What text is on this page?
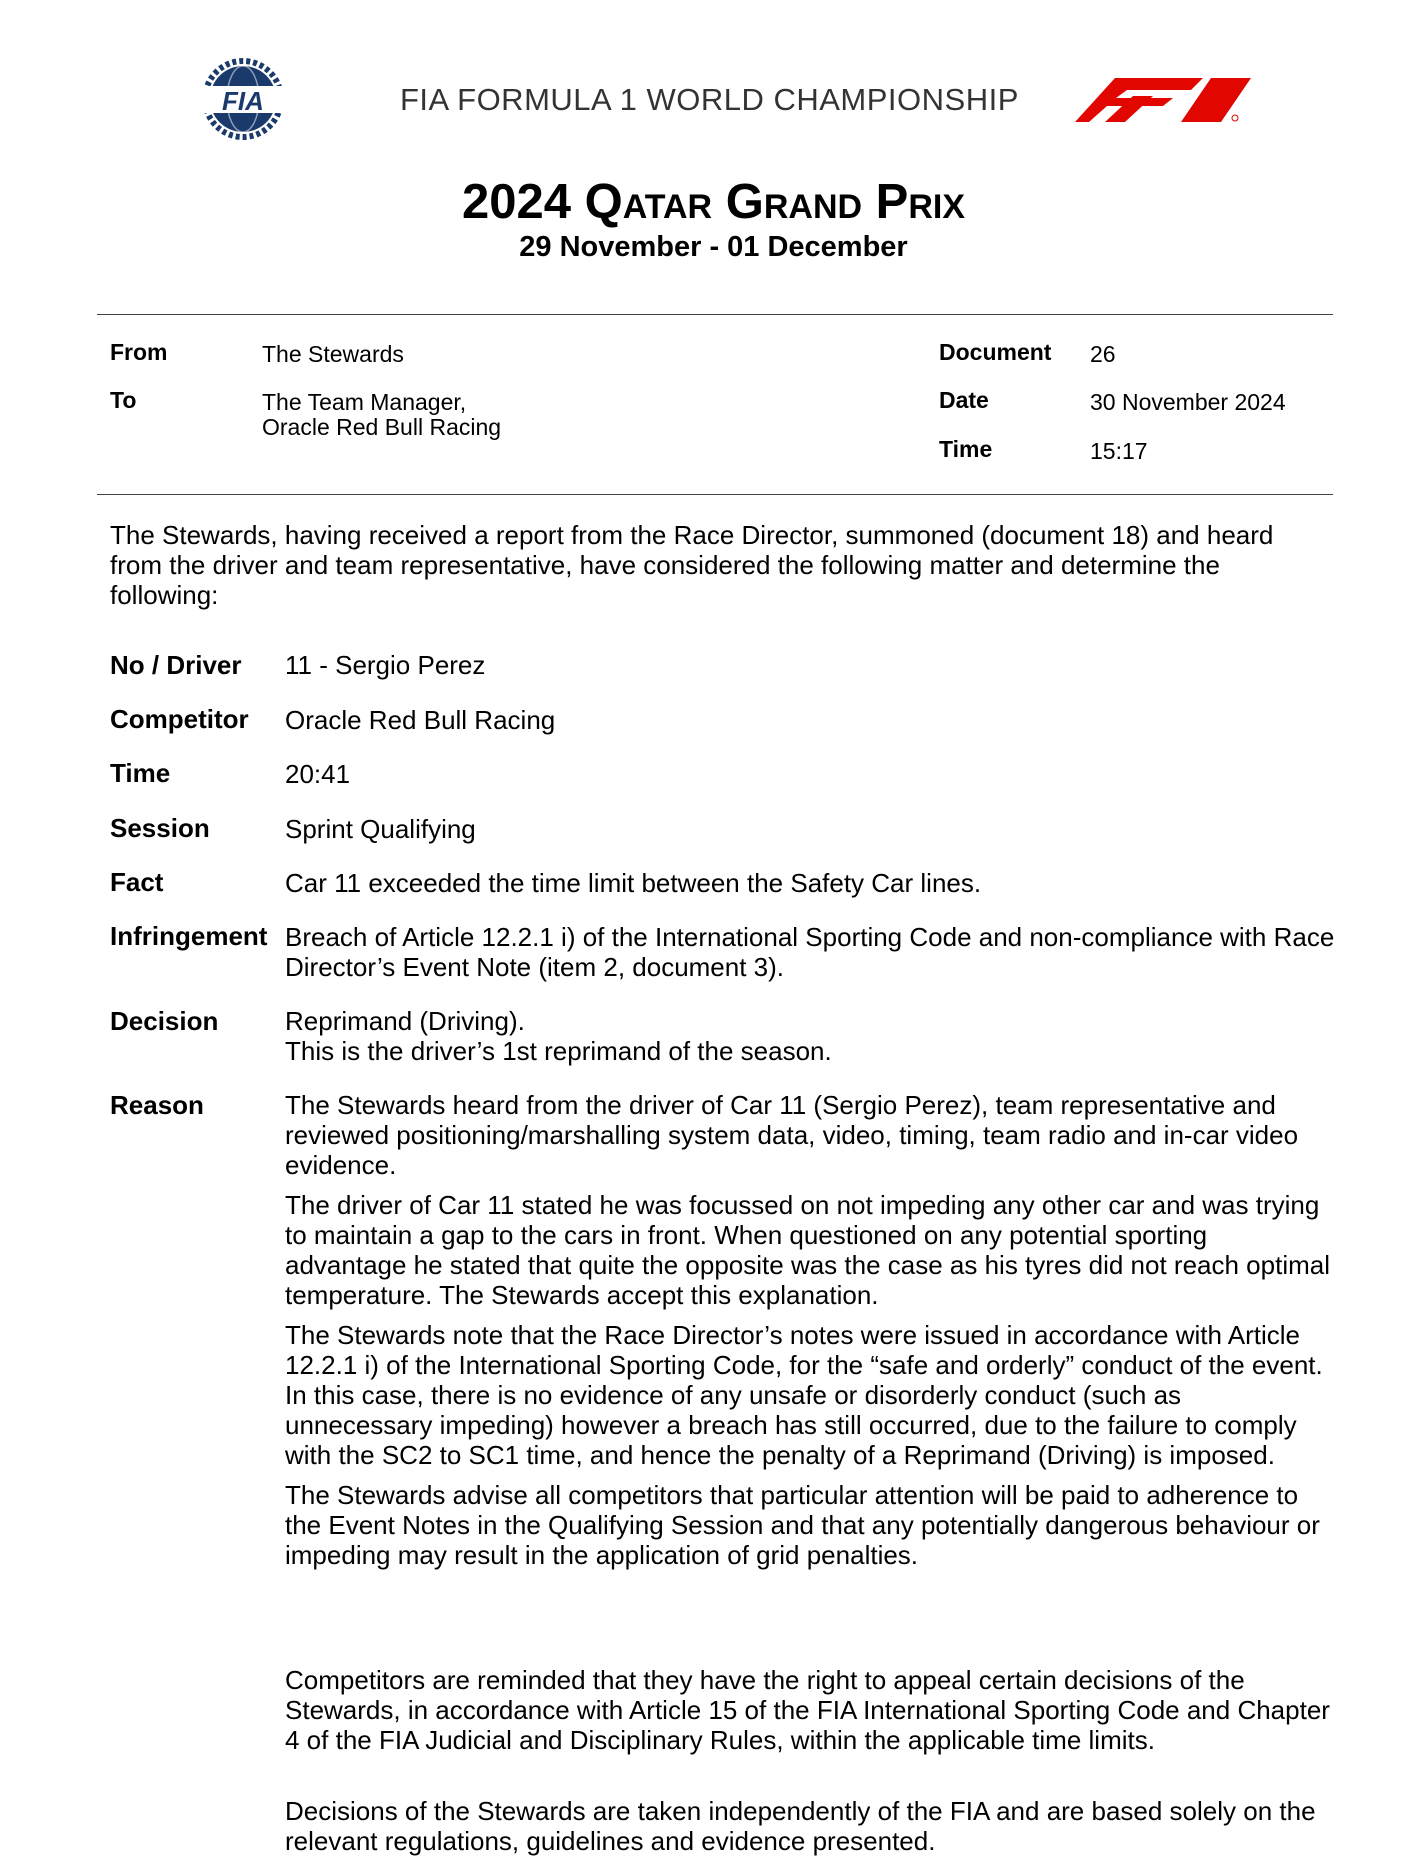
FIA	FIA FORMULA 1 WORLD CHAMPIONSHIP
2024 Qatar Grand Prix
29 November - 01 December
From	The Stewards
To	The Team Manager,
Oracle Red Bull Racing
Document 26
Date	30 November 2024
Time	15:17
The Stewards, having received a report from the Race Director, summoned (document 18) and heard from the driver and team representative, have considered the following matter and determine the following:
No / Driver 11 - Sergio Perez
Competitor Oracle Red Bull Racing
Time	20:41
Session	Sprint Qualifying
Fact	Car 11 exceeded the time limit between the Safety Car lines.
Infringement Breach of Article 12.2.1 i) of the International Sporting Code and non-compliance with Race Director’s Event Note (item 2, document 3).
Decision	Reprimand (Driving).
This is the driver’s 1st reprimand of the season.
Reason	The Stewards heard from the driver of Car 11 (Sergio Perez), team representative and reviewed positioning/marshalling system data, video, timing, team radio and in-car video evidence.

The driver of Car 11 stated he was focussed on not impeding any other car and was trying to maintain a gap to the cars in front. When questioned on any potential sporting advantage he stated that quite the opposite was the case as his tyres did not reach optimal temperature. The Stewards accept this explanation.

The Stewards note that the Race Director’s notes were issued in accordance with Article 12.2.1 i) of the International Sporting Code, for the “safe and orderly” conduct of the event. In this case, there is no evidence of any unsafe or disorderly conduct (such as unnecessary impeding) however a breach has still occurred, due to the failure to comply with the SC2 to SC1 time, and hence the penalty of a Reprimand (Driving) is imposed.

The Stewards advise all competitors that particular attention will be paid to adherence to the Event Notes in the Qualifying Session and that any potentially dangerous behaviour or impeding may result in the application of grid penalties.

Competitors are reminded that they have the right to appeal certain decisions of the Stewards, in accordance with Article 15 of the FIA International Sporting Code and Chapter 4 of the FIA Judicial and Disciplinary Rules, within the applicable time limits.
Decisions of the Stewards are taken independently of the FIA and are based solely on the relevant regulations, guidelines and evidence presented.
